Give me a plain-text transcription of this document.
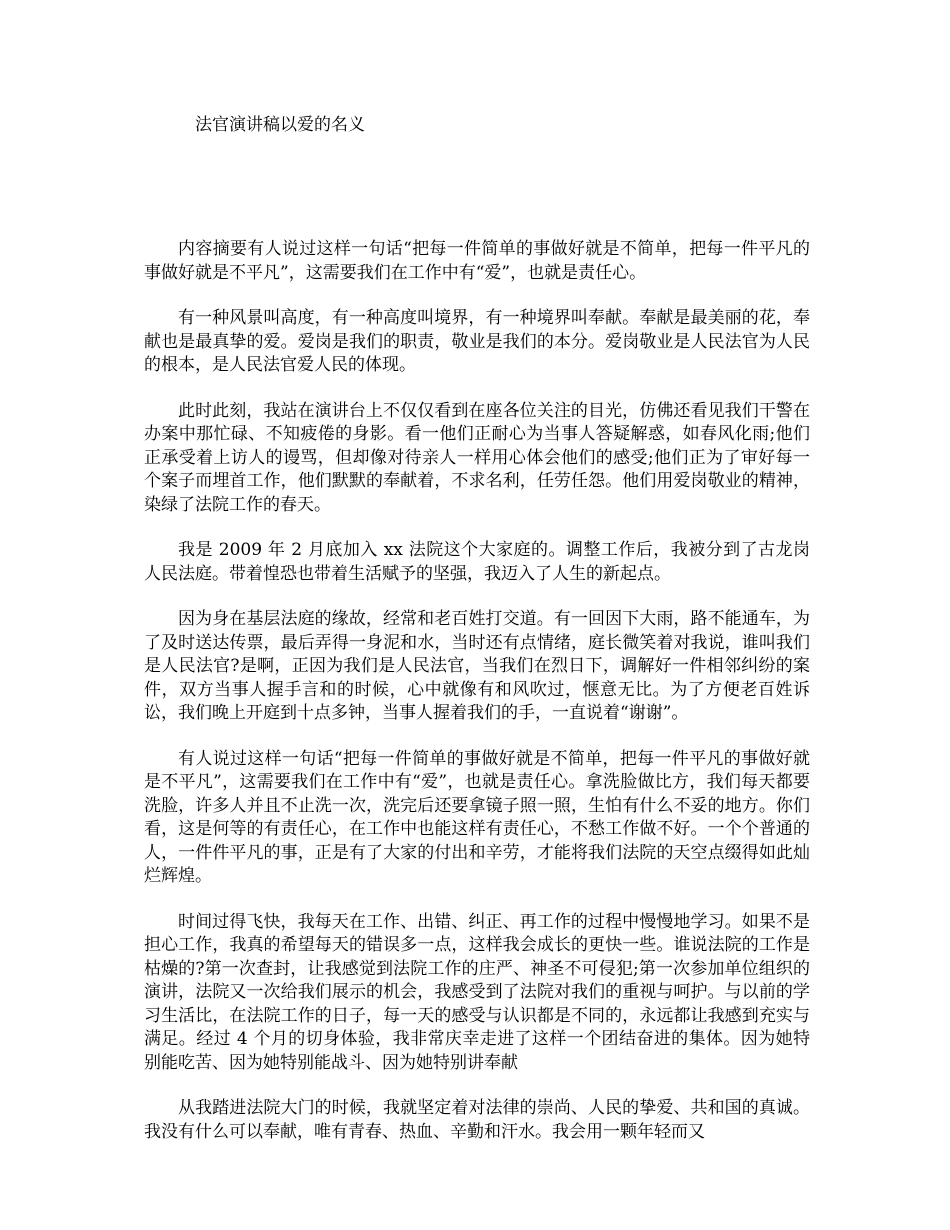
法官演讲稿以爱的名义

内容摘要有人说过这样一句话“把每一件简单的事做好就是不简单，把每一件平凡的事做好就是不平凡”，这需要我们在工作中有“爱”，也就是责任心。

有一种风景叫高度，有一种高度叫境界，有一种境界叫奉献。奉献是最美丽的花，奉献也是最真挚的爱。爱岗是我们的职责，敬业是我们的本分。爱岗敬业是人民法官为人民的根本，是人民法官爱人民的体现。

此时此刻，我站在演讲台上不仅仅看到在座各位关注的目光，仿佛还看见我们干警在办案中那忙碌、不知疲倦的身影。看一他们正耐心为当事人答疑解惑，如春风化雨;他们正承受着上访人的谩骂，但却像对待亲人一样用心体会他们的感受;他们正为了审好每一个案子而埋首工作，他们默默的奉献着，不求名利，任劳任怨。他们用爱岗敬业的精神，染绿了法院工作的春天。

我是 2009 年 2 月底加入 xx 法院这个大家庭的。调整工作后，我被分到了古龙岗人民法庭。带着惶恐也带着生活赋予的坚强，我迈入了人生的新起点。

因为身在基层法庭的缘故，经常和老百姓打交道。有一回因下大雨，路不能通车，为了及时送达传票，最后弄得一身泥和水，当时还有点情绪，庭长微笑着对我说，谁叫我们是人民法官?是啊，正因为我们是人民法官，当我们在烈日下，调解好一件相邻纠纷的案件，双方当事人握手言和的时候，心中就像有和风吹过，惬意无比。为了方便老百姓诉讼，我们晚上开庭到十点多钟，当事人握着我们的手，一直说着“谢谢”。

有人说过这样一句话“把每一件简单的事做好就是不简单，把每一件平凡的事做好就是不平凡”，这需要我们在工作中有“爱”，也就是责任心。拿洗脸做比方，我们每天都要洗脸，许多人并且不止洗一次，洗完后还要拿镜子照一照，生怕有什么不妥的地方。你们看，这是何等的有责任心，在工作中也能这样有责任心，不愁工作做不好。一个个普通的人，一件件平凡的事，正是有了大家的付出和辛劳，才能将我们法院的天空点缀得如此灿烂辉煌。

时间过得飞快，我每天在工作、出错、纠正、再工作的过程中慢慢地学习。如果不是担心工作，我真的希望每天的错误多一点，这样我会成长的更快一些。谁说法院的工作是枯燥的?第一次查封，让我感觉到法院工作的庄严、神圣不可侵犯;第一次参加单位组织的演讲，法院又一次给我们展示的机会，我感受到了法院对我们的重视与呵护。与以前的学习生活比，在法院工作的日子，每一天的感受与认识都是不同的，永远都让我感到充实与满足。经过 4 个月的切身体验，我非常庆幸走进了这样一个团结奋进的集体。因为她特别能吃苦、因为她特别能战斗、因为她特别讲奉献

从我踏进法院大门的时候，我就坚定着对法律的崇尚、人民的挚爱、共和国的真诚。我没有什么可以奉献，唯有青春、热血、辛勤和汗水。我会用一颗年轻而又
